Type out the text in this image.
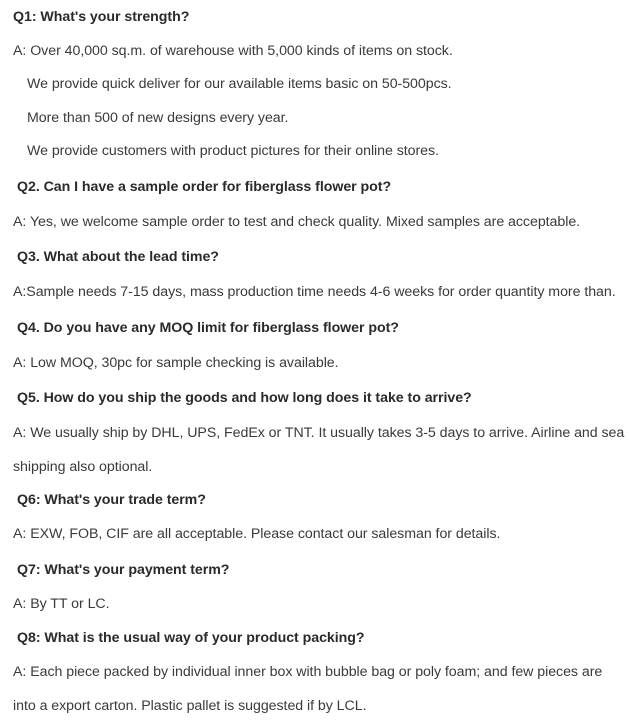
Q1: What's your strength?
A: Over 40,000 sq.m. of warehouse with 5,000 kinds of items on stock.
We provide quick deliver for our available items basic on 50-500pcs.
More than 500 of new designs every year.
We provide customers with product pictures for their online stores.
Q2. Can I have a sample order for fiberglass flower pot?
A: Yes, we welcome sample order to test and check quality. Mixed samples are acceptable.
Q3. What about the lead time?
A:Sample needs 7-15 days, mass production time needs 4-6 weeks for order quantity more than.
Q4. Do you have any MOQ limit for fiberglass flower pot?
A: Low MOQ, 30pc for sample checking is available.
Q5. How do you ship the goods and how long does it take to arrive?
A: We usually ship by DHL, UPS, FedEx or TNT. It usually takes 3-5 days to arrive. Airline and sea
shipping also optional.
Q6: What's your trade term?
A: EXW, FOB, CIF are all acceptable. Please contact our salesman for details.
Q7: What's your payment term?
A: By TT or LC.
Q8: What is the usual way of your product packing?
A: Each piece packed by individual inner box with bubble bag or poly foam; and few pieces are
into a export carton. Plastic pallet is suggested if by LCL.
